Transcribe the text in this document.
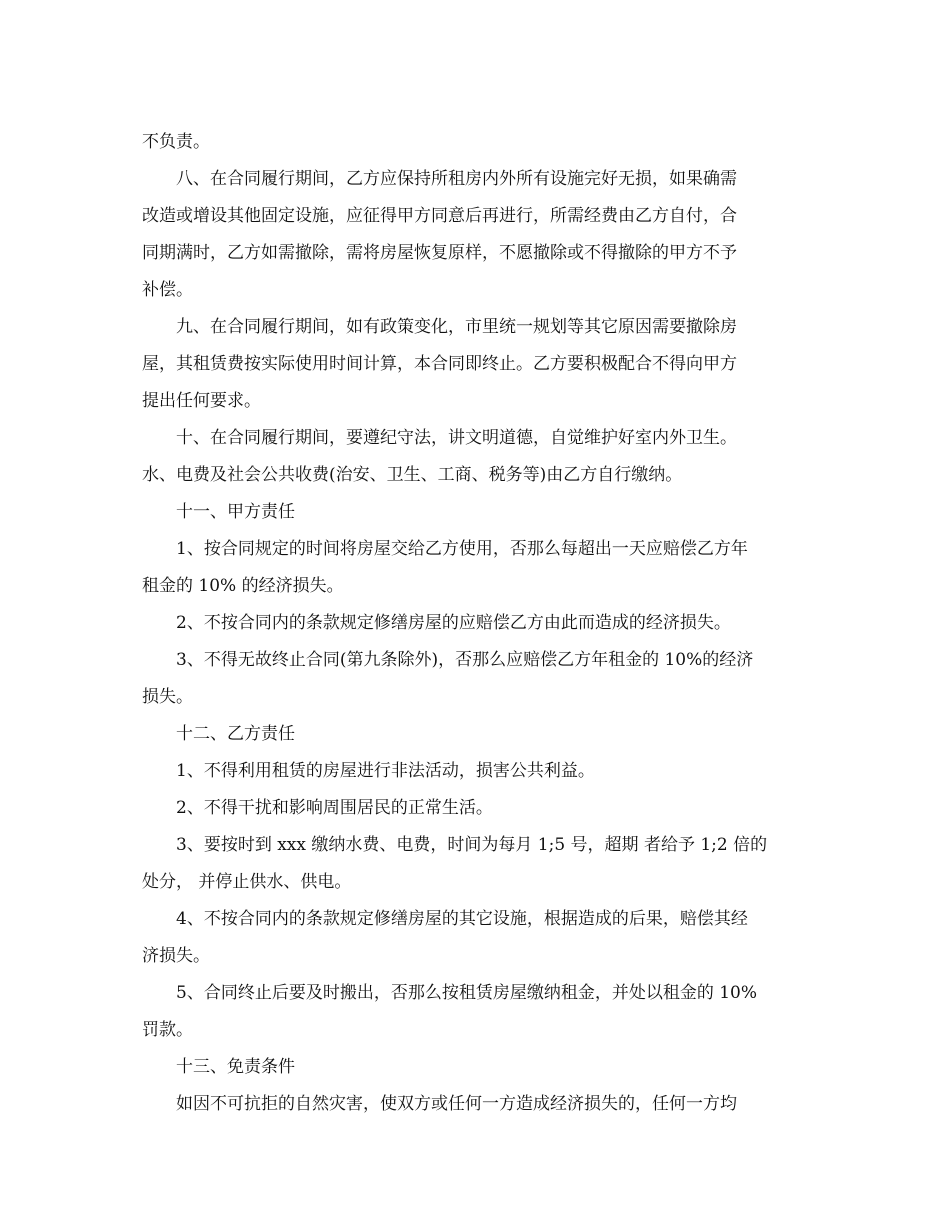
不负责。

八、在合同履行期间，乙方应保持所租房内外所有设施完好无损，如果确需

改造或增设其他固定设施，应征得甲方同意后再进行，所需经费由乙方自付，合

同期满时，乙方如需撤除，需将房屋恢复原样，不愿撤除或不得撤除的甲方不予

补偿。

九、在合同履行期间，如有政策变化，市里统一规划等其它原因需要撤除房

屋，其租赁费按实际使用时间计算，本合同即终止。乙方要积极配合不得向甲方

提出任何要求。

十、在合同履行期间，要遵纪守法，讲文明道德，自觉维护好室内外卫生。

水、电费及社会公共收费(治安、卫生、工商、税务等)由乙方自行缴纳。

十一、甲方责任

1、按合同规定的时间将房屋交给乙方使用，否那么每超出一天应赔偿乙方年

租金的 10% 的经济损失。

2、不按合同内的条款规定修缮房屋的应赔偿乙方由此而造成的经济损失。

3、不得无故终止合同(第九条除外)，否那么应赔偿乙方年租金的 10%的经济

损失。

十二、乙方责任

1、不得利用租赁的房屋进行非法活动，损害公共利益。

2、不得干扰和影响周围居民的正常生活。

3、要按时到 xxx 缴纳水费、电费，时间为每月 1;5 号，超期 者给予 1;2 倍的

处分， 并停止供水、供电。

4、不按合同内的条款规定修缮房屋的其它设施，根据造成的后果，赔偿其经

济损失。

5、合同终止后要及时搬出，否那么按租赁房屋缴纳租金，并处以租金的 10%

罚款。

十三、免责条件

如因不可抗拒的自然灾害，使双方或任何一方造成经济损失的，任何一方均
